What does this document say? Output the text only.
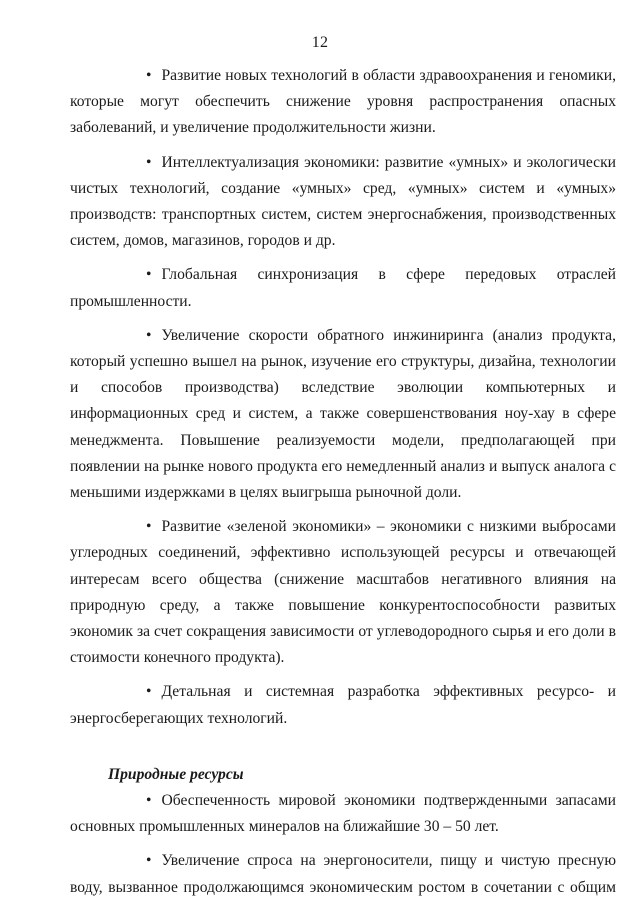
12

• Развитие новых технологий в области здравоохранения и геномики, которые могут обеспечить снижение уровня распространения опасных заболеваний, и увеличение продолжительности жизни.

• Интеллектуализация экономики: развитие «умных» и экологически чистых технологий, создание «умных» сред, «умных» систем и «умных» производств: транспортных систем, систем энергоснабжения, производственных систем, домов, магазинов, городов и др.

• Глобальная синхронизация в сфере передовых отраслей промышленности.

• Увеличение скорости обратного инжиниринга (анализ продукта, который успешно вышел на рынок, изучение его структуры, дизайна, технологии и способов производства) вследствие эволюции компьютерных и информационных сред и систем, а также совершенствования ноу-хау в сфере менеджмента. Повышение реализуемости модели, предполагающей при появлении на рынке нового продукта его немедленный анализ и выпуск аналога с меньшими издержками в целях выигрыша рыночной доли.

• Развитие «зеленой экономики» – экономики с низкими выбросами углеродных соединений, эффективно использующей ресурсы и отвечающей интересам всего общества (снижение масштабов негативного влияния на природную среду, а также повышение конкурентоспособности развитых экономик за счет сокращения зависимости от углеводородного сырья и его доли в стоимости конечного продукта).

• Детальная и системная разработка эффективных ресурсо- и энергосберегающих технологий.

Природные ресурсы

• Обеспеченность мировой экономики подтвержденными запасами основных промышленных минералов на ближайшие 30 – 50 лет.

• Увеличение спроса на энергоносители, пищу и чистую пресную воду, вызванное продолжающимся экономическим ростом в сочетании с общим
